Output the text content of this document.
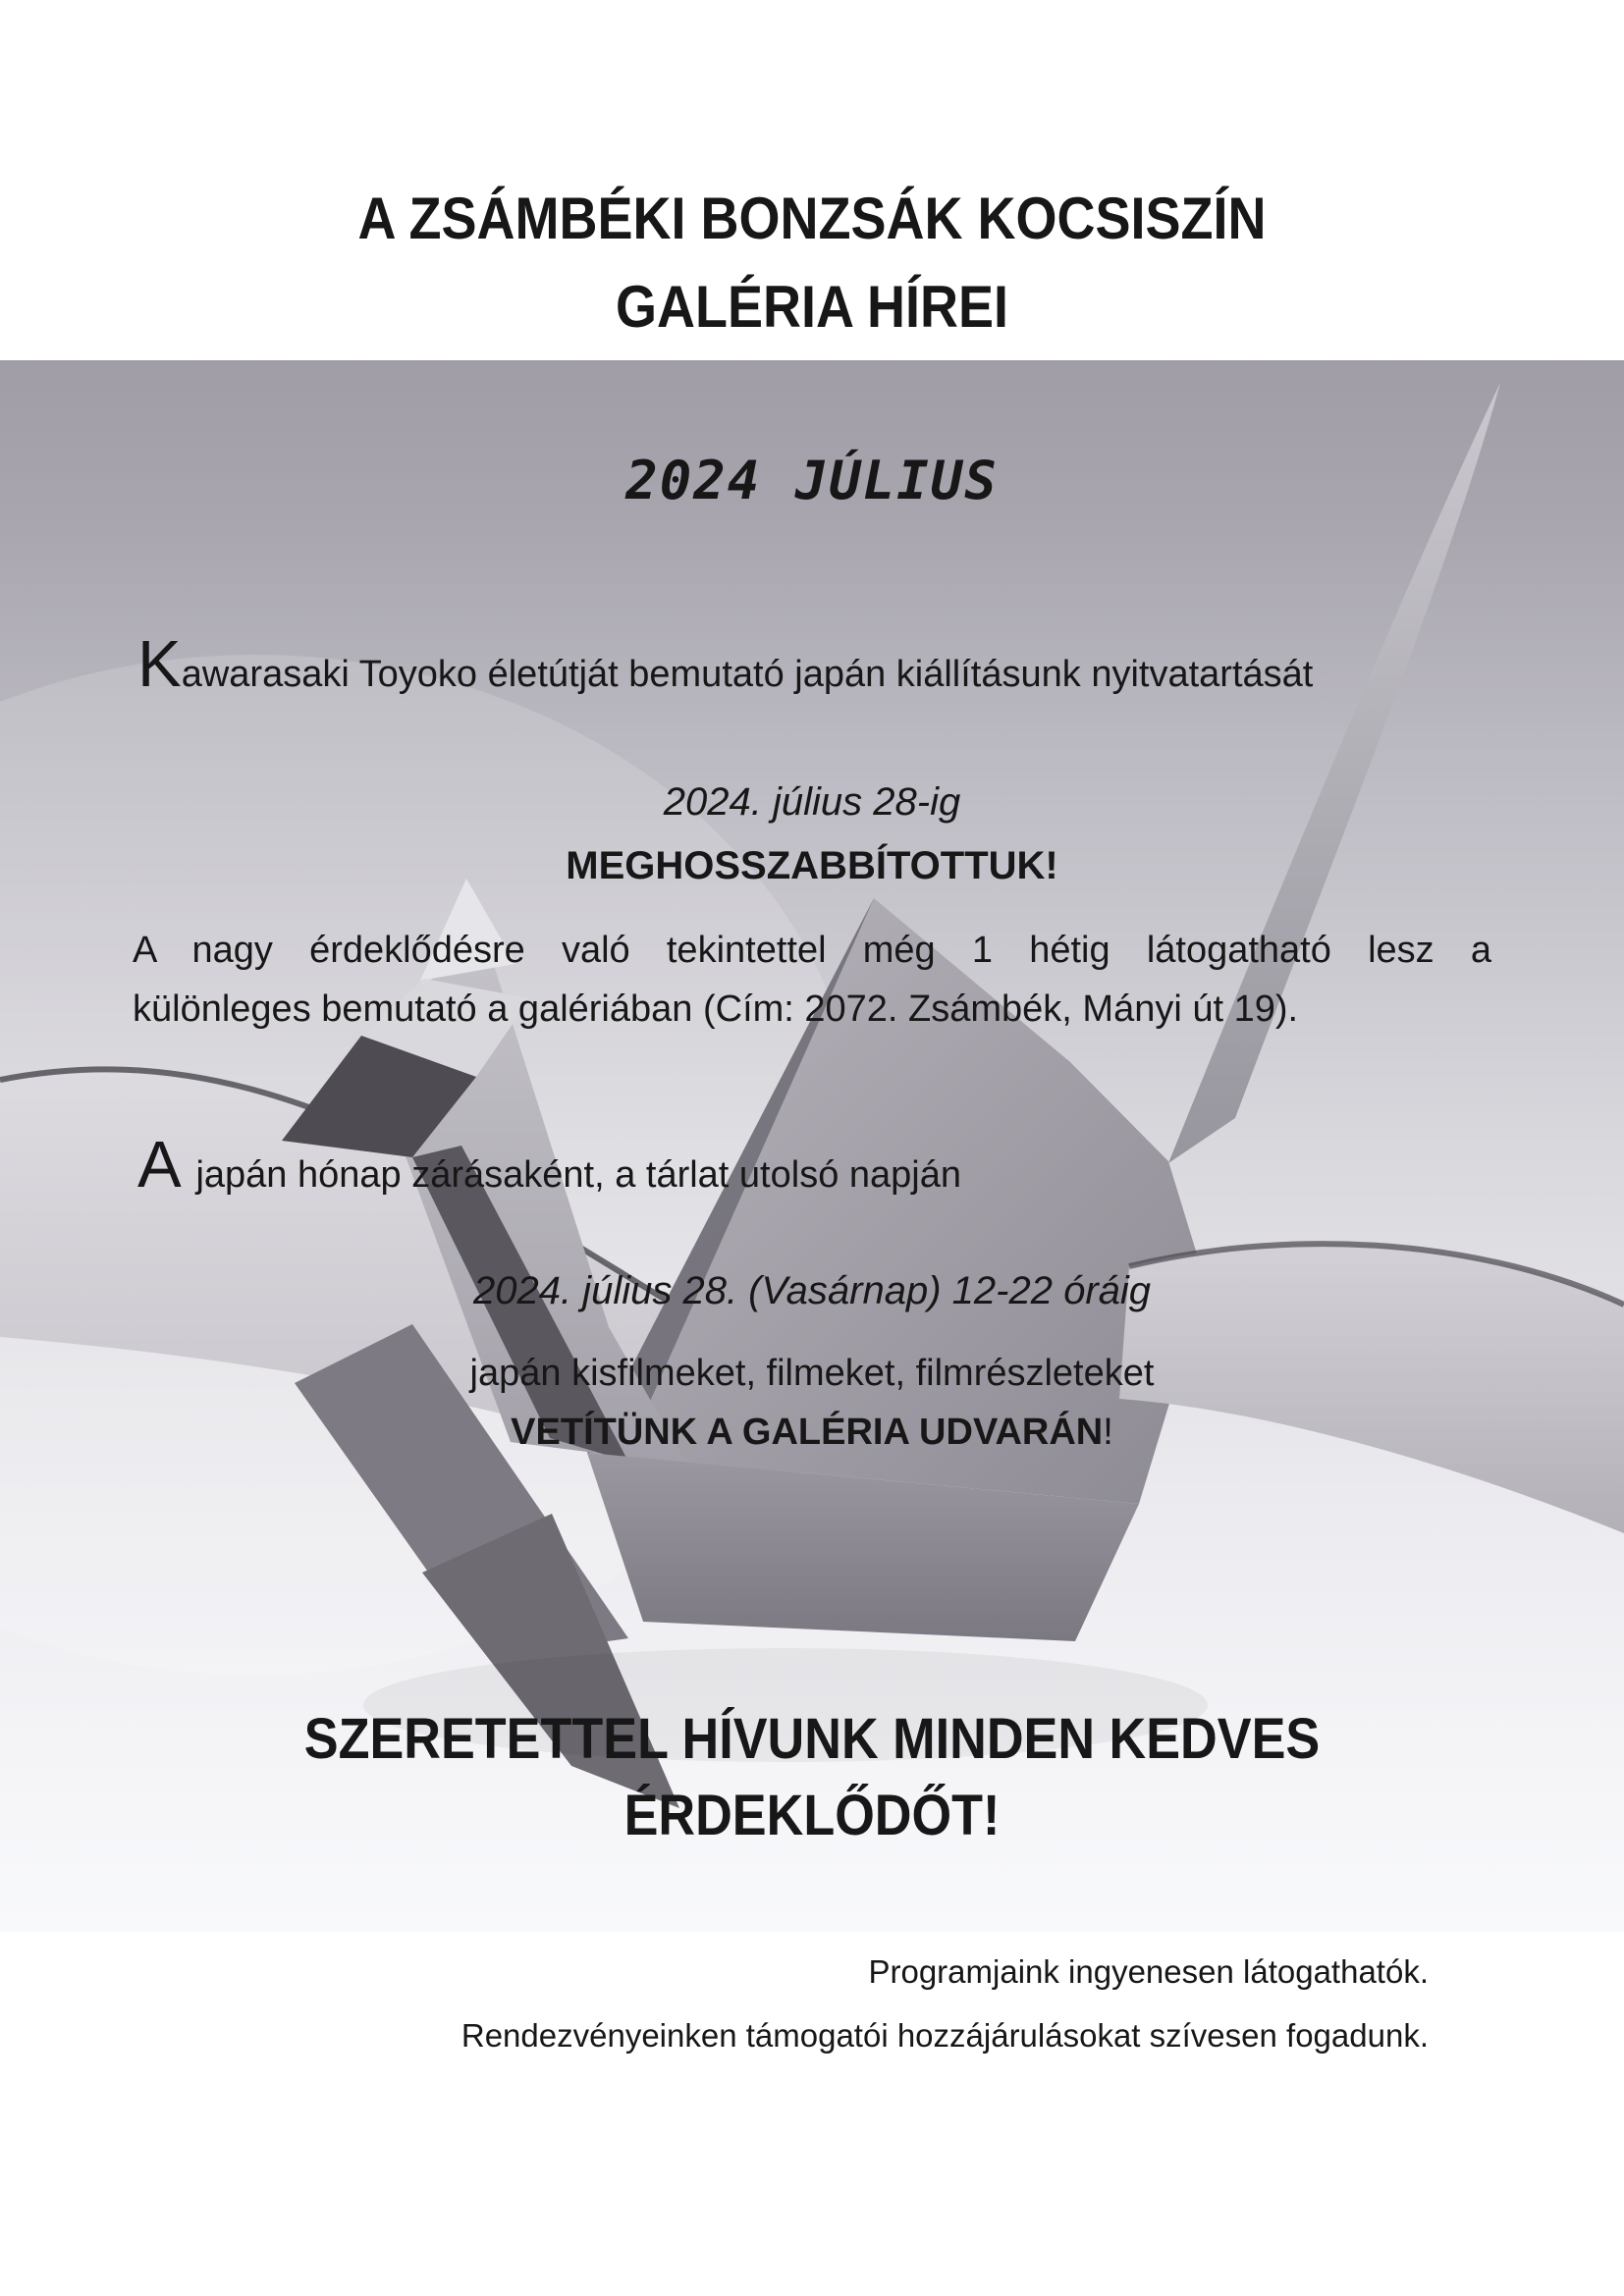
A ZSÁMBÉKI BONZSÁK KOCSISZÍN
GALÉRIA HÍREI
2024 JÚLIUS
Kawarasaki Toyoko életútját bemutató japán kiállításunk nyitvatartását
2024. július 28-ig
MEGHOSSZABBÍTOTTUK!
A nagy érdeklődésre való tekintettel még 1 hétig látogatható lesz a
különleges bemutató a galériában (Cím: 2072. Zsámbék, Mányi út 19).
Ajapán hónap zárásaként, a tárlat utolsó napján
2024. július 28. (Vasárnap) 12-22 óráig
japán kisfilmeket, filmeket, filmrészleteket
VETÍTÜNK A GALÉRIA UDVARÁN!
SZERETETTEL HÍVUNK MINDEN KEDVES
ÉRDEKLŐDŐT!
Programjaink ingyenesen látogathatók.
Rendezvényeinken támogatói hozzájárulásokat szívesen fogadunk.
